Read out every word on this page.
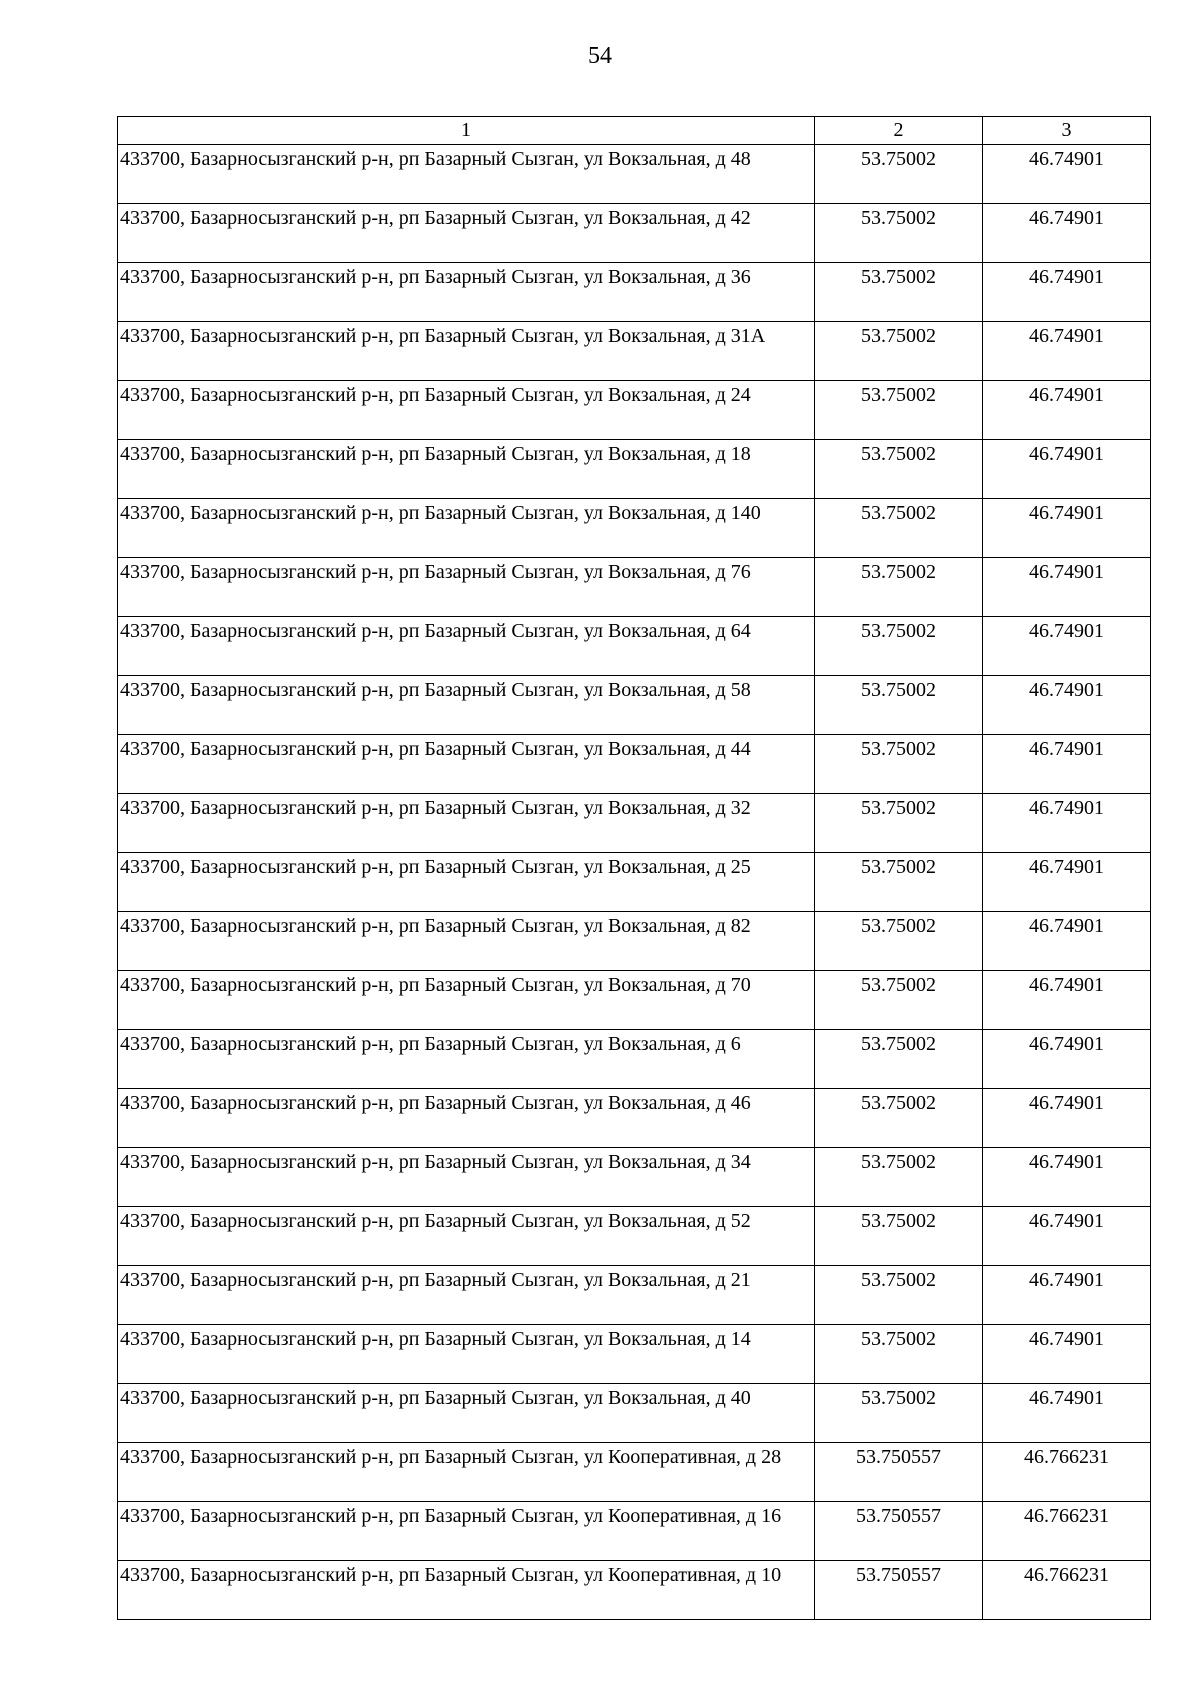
54
1	2	3
433700, Базарносызганский р-н, рп Базарный Сызган, ул Вокзальная, д 48	53.75002	46.74901
433700, Базарносызганский р-н, рп Базарный Сызган, ул Вокзальная, д 42	53.75002	46.74901
433700, Базарносызганский р-н, рп Базарный Сызган, ул Вокзальная, д 36	53.75002	46.74901
433700, Базарносызганский р-н, рп Базарный Сызган, ул Вокзальная, д 31А	53.75002	46.74901
433700, Базарносызганский р-н, рп Базарный Сызган, ул Вокзальная, д 24	53.75002	46.74901
433700, Базарносызганский р-н, рп Базарный Сызган, ул Вокзальная, д 18	53.75002	46.74901
433700, Базарносызганский р-н, рп Базарный Сызган, ул Вокзальная, д 140	53.75002	46.74901
433700, Базарносызганский р-н, рп Базарный Сызган, ул Вокзальная, д 76	53.75002	46.74901
433700, Базарносызганский р-н, рп Базарный Сызган, ул Вокзальная, д 64	53.75002	46.74901
433700, Базарносызганский р-н, рп Базарный Сызган, ул Вокзальная, д 58	53.75002	46.74901
433700, Базарносызганский р-н, рп Базарный Сызган, ул Вокзальная, д 44	53.75002	46.74901
433700, Базарносызганский р-н, рп Базарный Сызган, ул Вокзальная, д 32	53.75002	46.74901
433700, Базарносызганский р-н, рп Базарный Сызган, ул Вокзальная, д 25	53.75002	46.74901
433700, Базарносызганский р-н, рп Базарный Сызган, ул Вокзальная, д 82	53.75002	46.74901
433700, Базарносызганский р-н, рп Базарный Сызган, ул Вокзальная, д 70	53.75002	46.74901
433700, Базарносызганский р-н, рп Базарный Сызган, ул Вокзальная, д 6	53.75002	46.74901
433700, Базарносызганский р-н, рп Базарный Сызган, ул Вокзальная, д 46	53.75002	46.74901
433700, Базарносызганский р-н, рп Базарный Сызган, ул Вокзальная, д 34	53.75002	46.74901
433700, Базарносызганский р-н, рп Базарный Сызган, ул Вокзальная, д 52	53.75002	46.74901
433700, Базарносызганский р-н, рп Базарный Сызган, ул Вокзальная, д 21	53.75002	46.74901
433700, Базарносызганский р-н, рп Базарный Сызган, ул Вокзальная, д 14	53.75002	46.74901
433700, Базарносызганский р-н, рп Базарный Сызган, ул Вокзальная, д 40	53.75002	46.74901
433700, Базарносызганский р-н, рп Базарный Сызган, ул Кооперативная, д 28	53.750557	46.766231
433700, Базарносызганский р-н, рп Базарный Сызган, ул Кооперативная, д 16	53.750557	46.766231
433700, Базарносызганский р-н, рп Базарный Сызган, ул Кооперативная, д 10	53.750557	46.766231
